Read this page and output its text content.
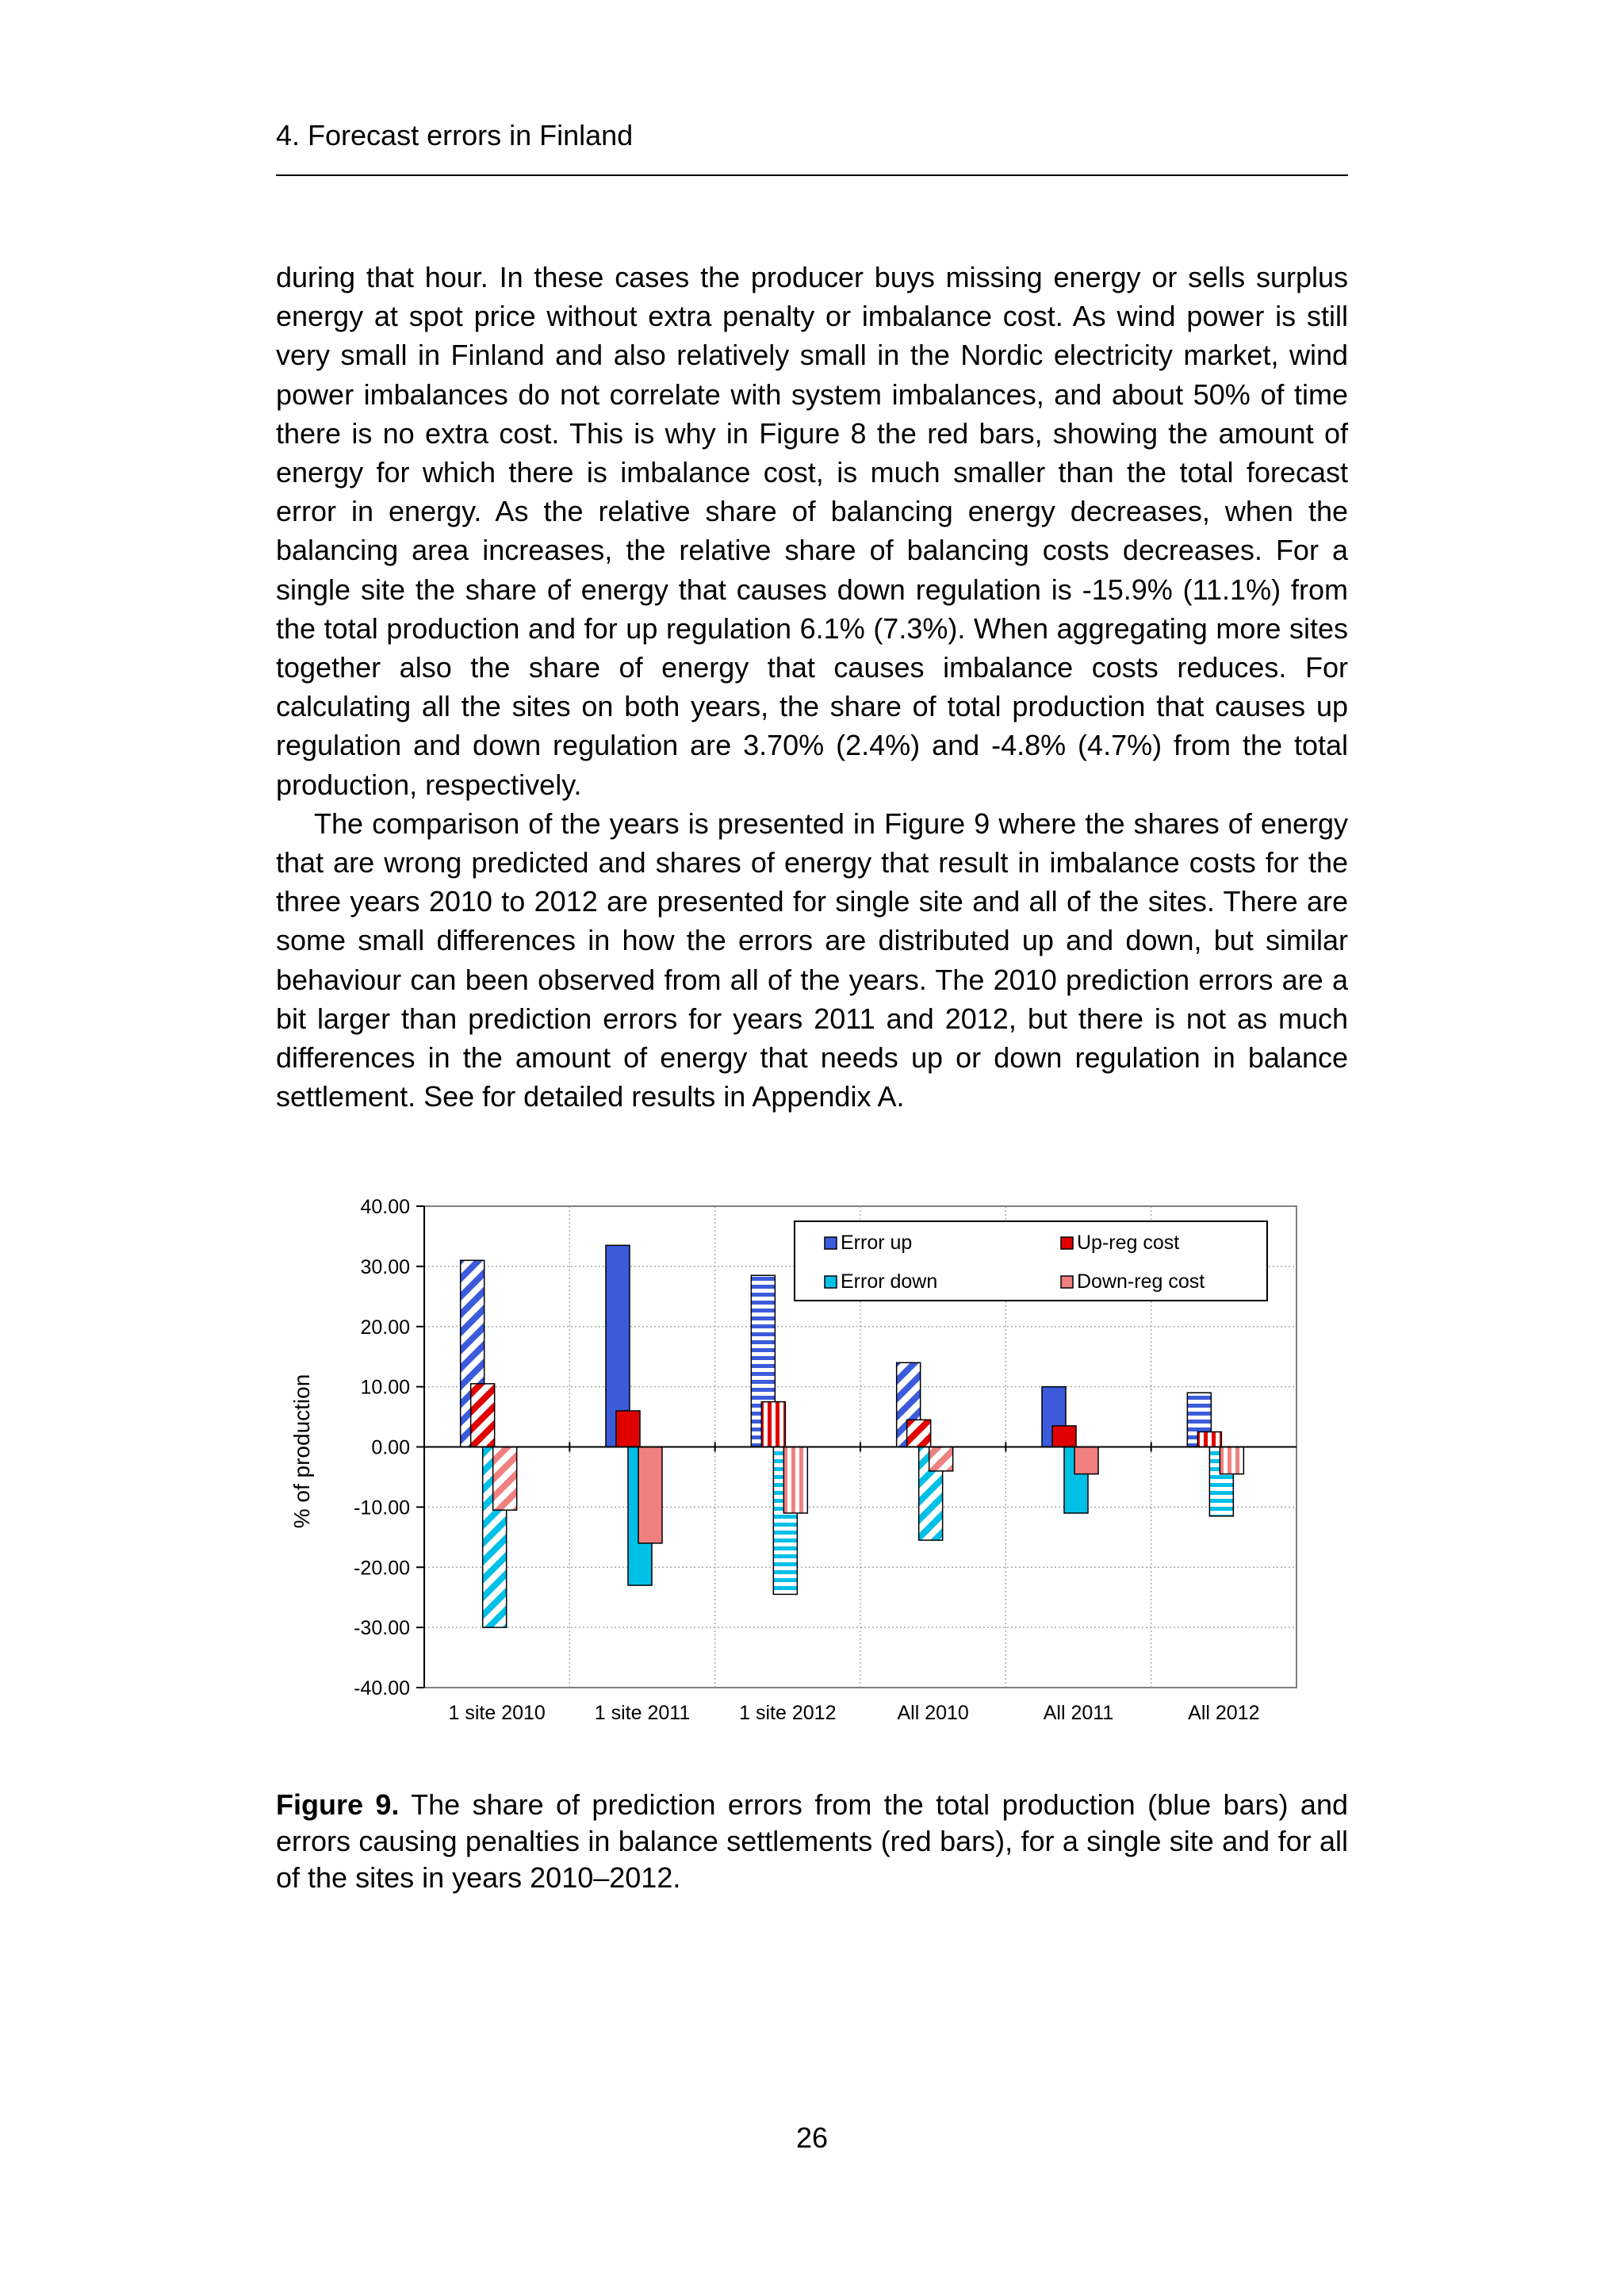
4. Forecast errors in Finland

during that hour. In these cases the producer buys missing energy or sells surplus energy at spot price without extra penalty or imbalance cost. As wind power is still very small in Finland and also relatively small in the Nordic electricity market, wind power imbalances do not correlate with system imbalances, and about 50% of time there is no extra cost. This is why in Figure 8 the red bars, showing the amount of energy for which there is imbalance cost, is much smaller than the total forecast error in energy. As the relative share of balancing energy decreases, when the balancing area increases, the relative share of balancing costs decreases. For a single site the share of energy that causes down regulation is -15.9% (11.1%) from the total production and for up regulation 6.1% (7.3%). When aggregating more sites together also the share of energy that causes imbalance costs reduces. For calculating all the sites on both years, the share of total production that causes up regulation and down regulation are 3.70% (2.4%) and -4.8% (4.7%) from the total production, respectively.

The comparison of the years is presented in Figure 9 where the shares of energy that are wrong predicted and shares of energy that result in imbalance costs for the three years 2010 to 2012 are presented for single site and all of the sites. There are some small differences in how the errors are distributed up and down, but similar behaviour can been observed from all of the years. The 2010 prediction errors are a bit larger than prediction errors for years 2011 and 2012, but there is not as much differences in the amount of energy that needs up or down regulation in balance settlement. See for detailed results in Appendix A.

40.00
30.00
20.00
10.00
0.00
-10.00
-20.00
-30.00
-40.00
1 site 2010 1 site 2011 1 site 2012	All 2010	All 2011	All 2012
Error up	Up-reg cost
Error down	Down-reg cost
% of production
Figure 9. The share of prediction errors from the total production (blue bars) and errors causing penalties in balance settlements (red bars), for a single site and for all of the sites in years 2010–2012.
26
